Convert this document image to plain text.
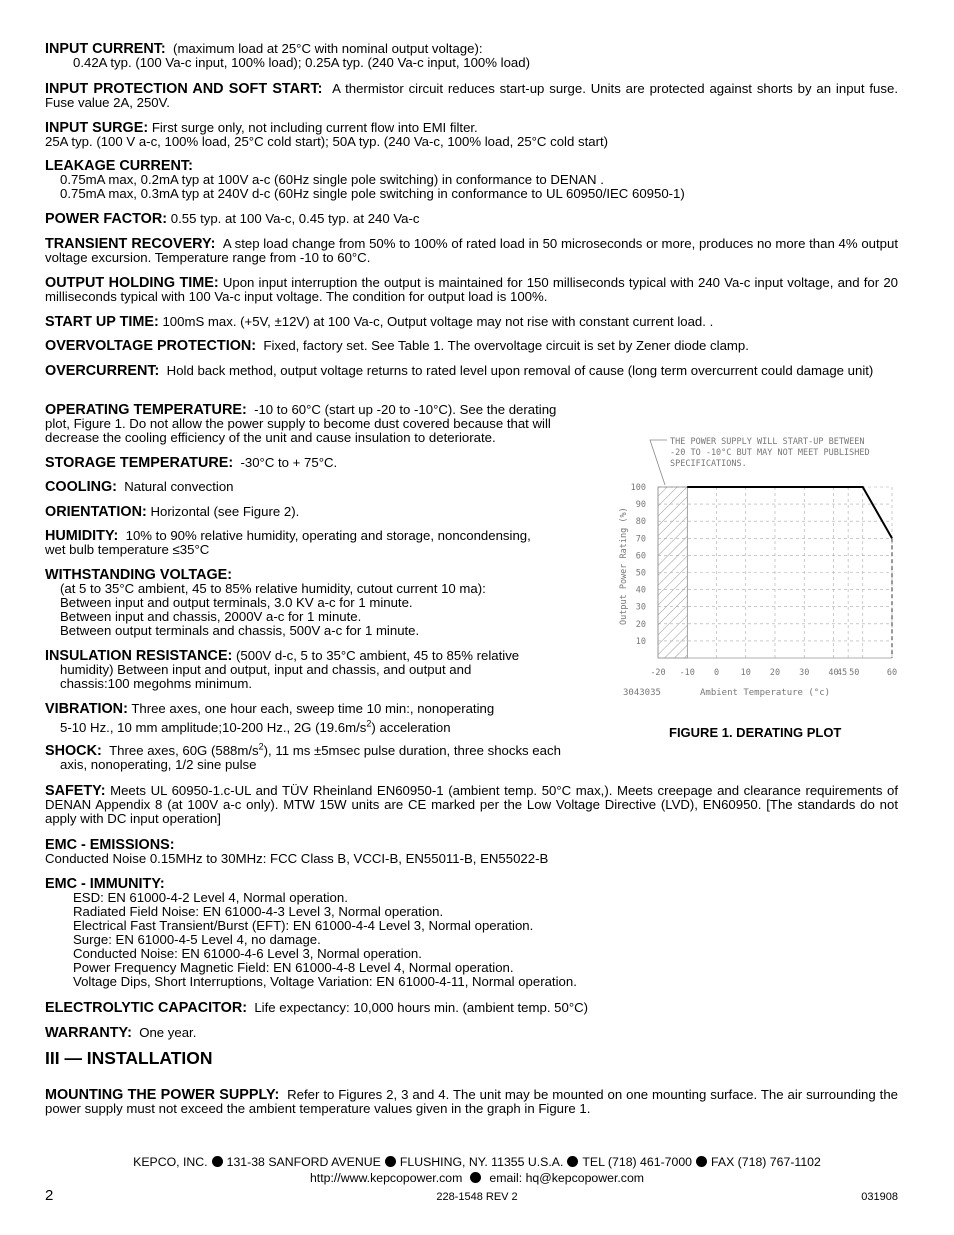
INPUT CURRENT: (maximum load at 25°C with nominal output voltage):
0.42A typ. (100 Va-c input, 100% load); 0.25A typ. (240 Va-c input, 100% load)
INPUT PROTECTION AND SOFT START: A thermistor circuit reduces start-up surge. Units are protected against shorts by an input fuse. Fuse value 2A, 250V.
INPUT SURGE: First surge only, not including current flow into EMI filter.
25A typ. (100 V a-c, 100% load, 25°C cold start); 50A typ. (240 Va-c, 100% load, 25°C cold start)
LEAKAGE CURRENT:
0.75mA max, 0.2mA typ at 100V a-c (60Hz single pole switching) in conformance to DENAN .
0.75mA max, 0.3mA typ at 240V d-c (60Hz single pole switching in conformance to UL 60950/IEC 60950-1)
POWER FACTOR: 0.55 typ. at 100 Va-c, 0.45 typ. at 240 Va-c
TRANSIENT RECOVERY: A step load change from 50% to 100% of rated load in 50 microseconds or more, produces no more than 4% output voltage excursion. Temperature range from -10 to 60°C.
OUTPUT HOLDING TIME: Upon input interruption the output is maintained for 150 milliseconds typical with 240 Va-c input voltage, and for 20 milliseconds typical with 100 Va-c input voltage. The condition for output load is 100%.
START UP TIME: 100mS max. (+5V, ±12V) at 100 Va-c, Output voltage may not rise with constant current load. .
OVERVOLTAGE PROTECTION: Fixed, factory set. See Table 1. The overvoltage circuit is set by Zener diode clamp.
OVERCURRENT: Hold back method, output voltage returns to rated level upon removal of cause (long term overcurrent could damage unit)
OPERATING TEMPERATURE: -10 to 60°C (start up -20 to -10°C). See the derating
plot, Figure 1. Do not allow the power supply to become dust covered because that will
decrease the cooling efficiency of the unit and cause insulation to deteriorate.
STORAGE TEMPERATURE: -30°C to + 75°C.
COOLING: Natural convection
ORIENTATION: Horizontal (see Figure 2).
HUMIDITY: 10% to 90% relative humidity, operating and storage, noncondensing,
wet bulb temperature ≤35°C
WITHSTANDING VOLTAGE:
(at 5 to 35°C ambient, 45 to 85% relative humidity, cutout current 10 ma):
Between input and output terminals, 3.0 KV a-c for 1 minute.
Between input and chassis, 2000V a-c for 1 minute.
Between output terminals and chassis, 500V a-c for 1 minute.
INSULATION RESISTANCE: (500V d-c, 5 to 35°C ambient, 45 to 85% relative
humidity) Between input and output, input and chassis, and output and
chassis:100 megohms minimum.
VIBRATION: Three axes, one hour each, sweep time 10 min:, nonoperating
5-10 Hz., 10 mm amplitude;10-200 Hz., 2G $(19.6m/s^2)$ acceleration
SHOCK: Three axes, 60G $(588m/s^2)$, 11 ms ±5msec pulse duration, three shocks each
axis, nonoperating, 1/2 sine pulse
SAFETY: Meets UL 60950-1.c-UL and TÜV Rheinland EN60950-1 (ambient temp. 50°C max,). Meets creepage and clearance requirements of DENAN Appendix 8 (at 100V a-c only). MTW 15W units are CE marked per the Low Voltage Directive (LVD), EN60950. [The standards do not apply with DC input operation]
EMC - EMISSIONS:
Conducted Noise 0.15MHz to 30MHz: FCC Class B, VCCI-B, EN55011-B, EN55022-B
EMC - IMMUNITY:
ESD: EN 61000-4-2 Level 4, Normal operation.
Radiated Field Noise: EN 61000-4-3 Level 3, Normal operation.
Electrical Fast Transient/Burst (EFT): EN 61000-4-4 Level 3, Normal operation.
Surge: EN 61000-4-5 Level 4, no damage.
Conducted Noise: EN 61000-4-6 Level 3, Normal operation.
Power Frequency Magnetic Field: EN 61000-4-8 Level 4, Normal operation.
Voltage Dips, Short Interruptions, Voltage Variation: EN 61000-4-11, Normal operation.
ELECTROLYTIC CAPACITOR: Life expectancy: 10,000 hours min. (ambient temp. 50°C)
WARRANTY: One year.
III — INSTALLATION
MOUNTING THE POWER SUPPLY: Refer to Figures 2, 3 and 4. The unit may be mounted on one mounting surface. The air surrounding the power supply must not exceed the ambient temperature values given in the graph in Figure 1.
-20 -10 0	10 20 30 40
45 50	60
10
20
30
40
50
60
70
80
90
100
THE POWER SUPPLY WILL START-UP BETWEEN
-20 TO -10°C BUT MAY NOT MEET PUBLISHED
SPECIFICATIONS.
3043035	Ambient Temperature (°c)
Output Power Rating (%)
FIGURE 1. DERATING PLOT
KEPCO, INC. 131-38 SANFORD AVENUE FLUSHING, NY. 11355 U.S.A. TEL (718) 461-7000 FAX (718) 767-1102
http://www.kepcopower.com email: hq@kepcopower.com
2	228-1548 REV 2	031908
